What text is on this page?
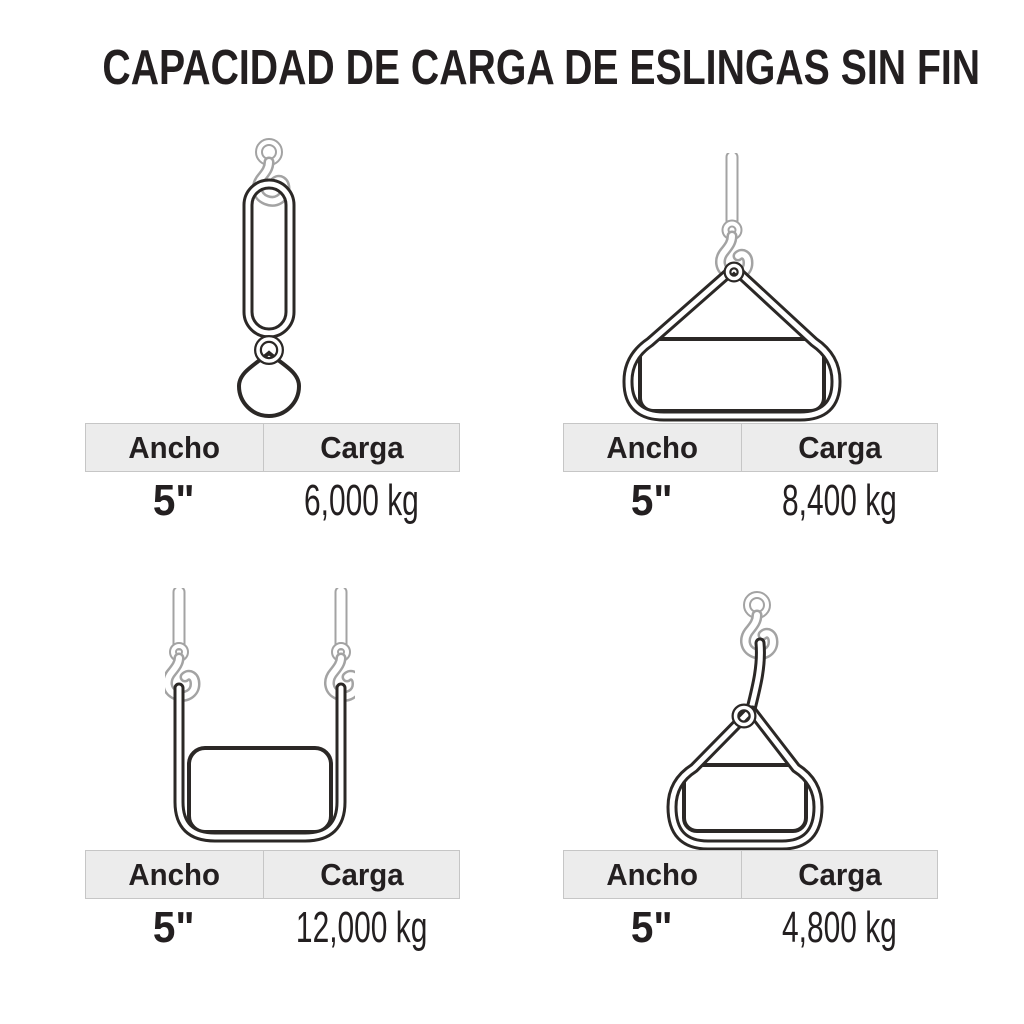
CAPACIDAD DE CARGA DE ESLINGAS SIN FIN
Ancho	Carga
5" 6,000 kg
Ancho	Carga
5" 8,400 kg
Ancho	Carga
5" 12,000 kg
Ancho	Carga
5" 4,800 kg
